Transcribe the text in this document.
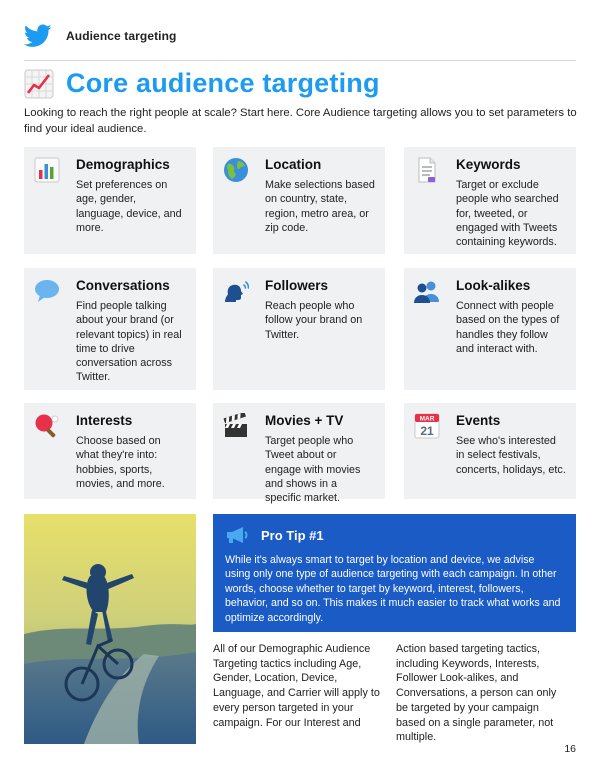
Audience targeting
Core audience targeting

Looking to reach the right people at scale? Start here. Core Audience targeting allows you to set parameters to find your ideal audience.

Demographics
Set preferences on age, gender, language, device, and more.
Location
Make selections based on country, state, region, metro area, or zip code.
Keywords
Target or exclude people who searched for, tweeted, or engaged with Tweets containing keywords.
Conversations
Find people talking about your brand (or relevant topics) in real time to drive conversation across Twitter.
Followers
Reach people who follow your brand on Twitter.
Look-alikes
Connect with people based on the types of handles they follow and interact with.
Interests
Choose based on what they're into: hobbies, sports, movies, and more.
Movies + TV
Target people who Tweet about or engage with movies and shows in a specific market.
MAR
21
Events
See who's interested in select festivals, concerts, holidays, etc.
Pro Tip #1

While it's always smart to target by location and device, we advise using only one type of audience targeting with each campaign. In other words, choose whether to target by keyword, interest, followers, behavior, and so on. This makes it much easier to track what works and optimize accordingly.

All of our Demographic Audience Targeting tactics including Age, Gender, Location, Device, Language, and Carrier will apply to every person targeted in your campaign. For our Interest and

Action based targeting tactics, including Keywords, Interests, Follower Look-alikes, and Conversations, a person can only be targeted by your campaign based on a single parameter, not multiple.

16
